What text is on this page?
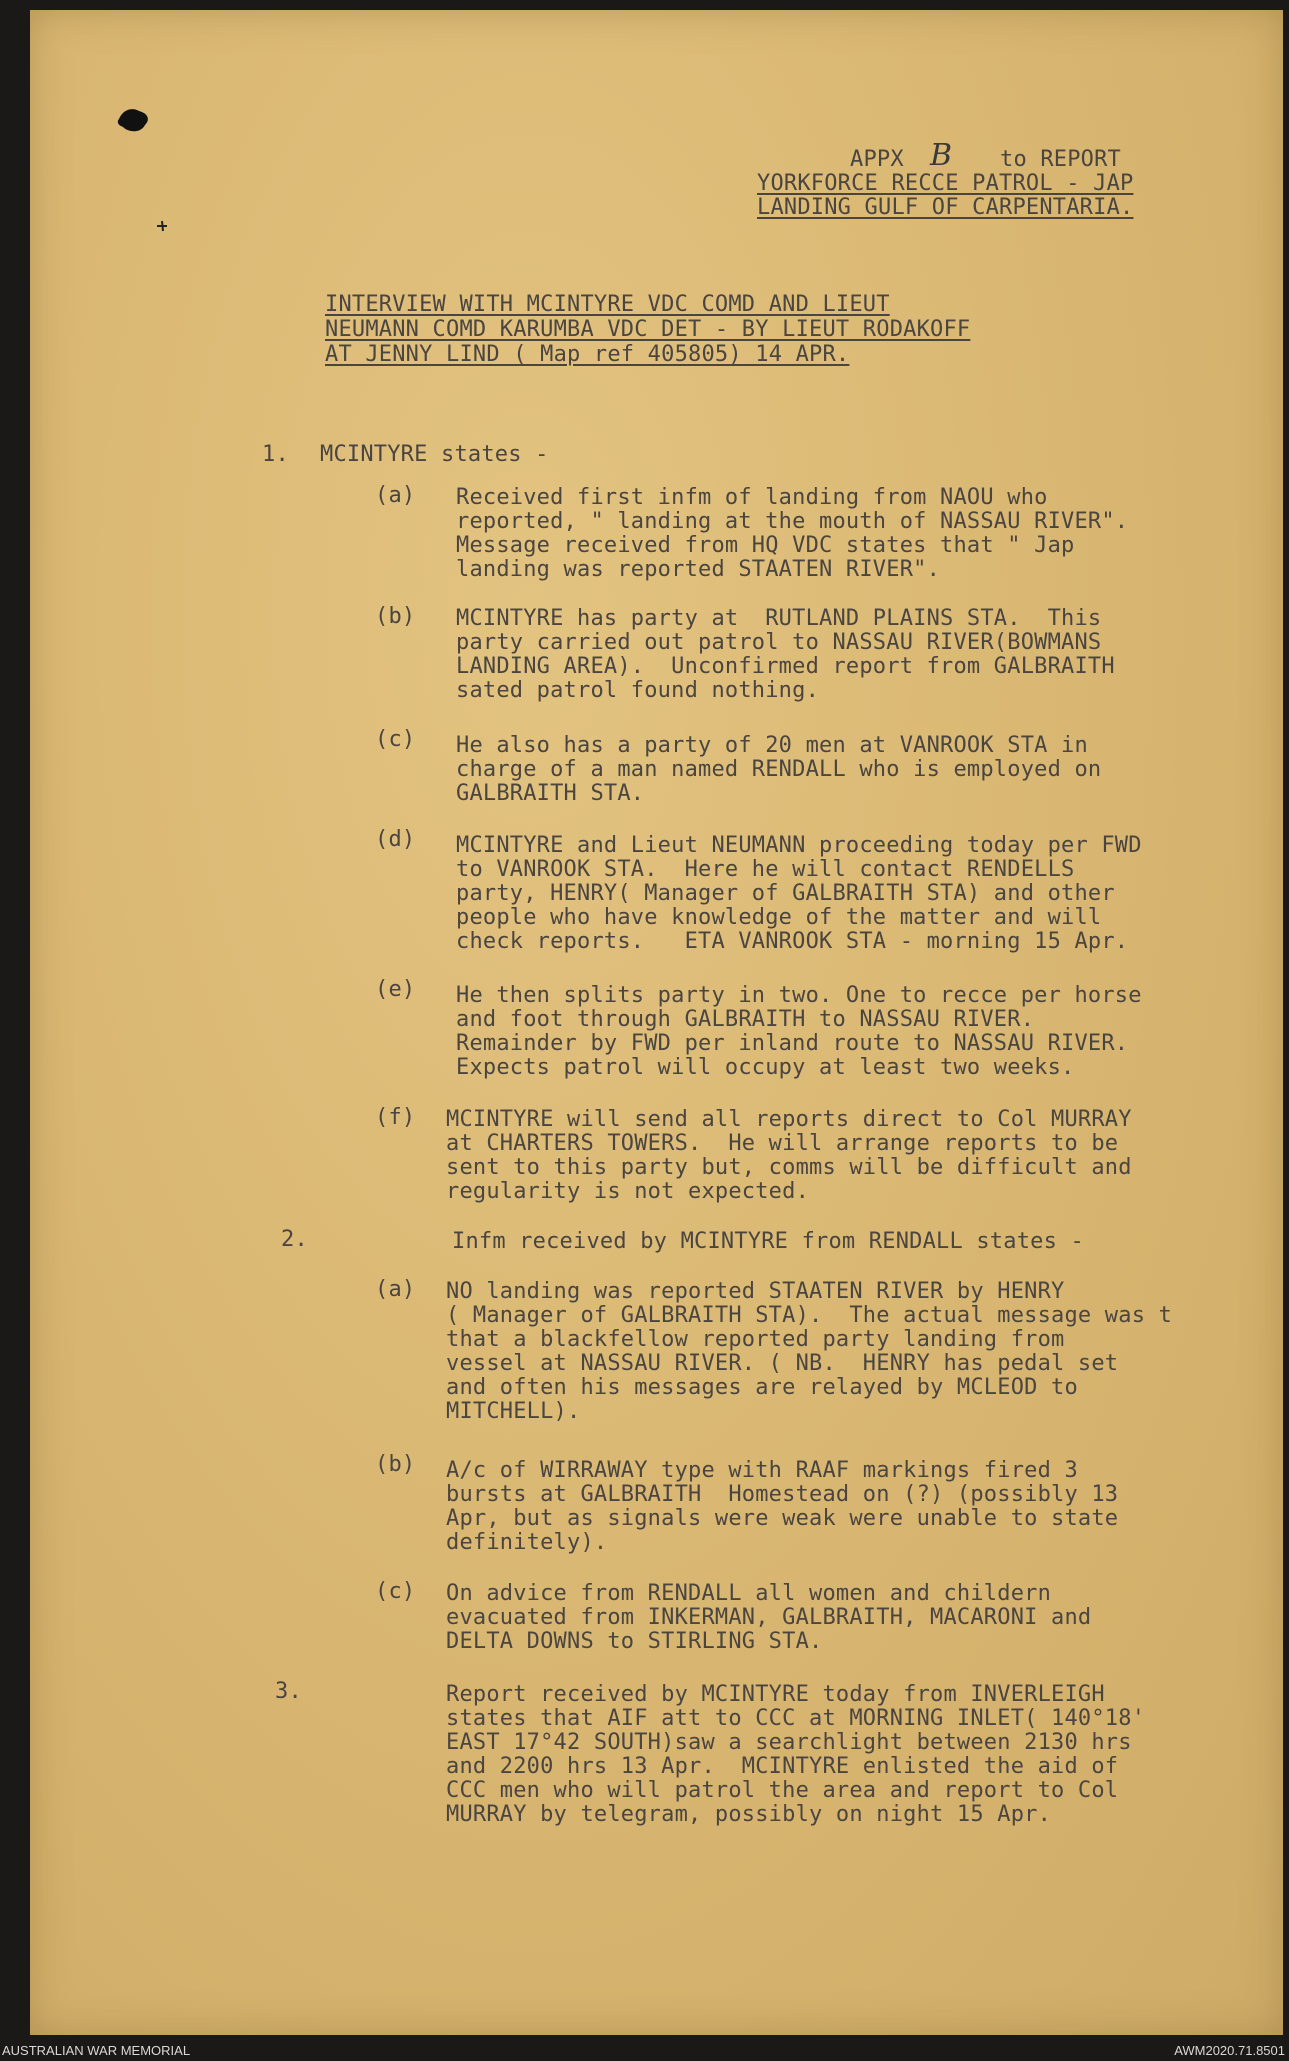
APPX B to REPORT
YORKFORCE RECCE PATROL - JAP
LANDING GULF OF CARPENTARIA.
INTERVIEW WITH MCINTYRE VDC COMD AND LIEUT
NEUMANN COMD KARUMBA VDC DET - BY LIEUT RODAKOFF
AT JENNY LIND ( Map ref 405805) 14 APR.
1. MCINTYRE states -
(a) Received first infm of landing from NAOU who
reported, " landing at the mouth of NASSAU RIVER".
Message received from HQ VDC states that " Jap
landing was reported STAATEN RIVER".
(b) MCINTYRE has party at  RUTLAND PLAINS STA.  This
party carried out patrol to NASSAU RIVER(BOWMANS
LANDING AREA).  Unconfirmed report from GALBRAITH
sated patrol found nothing.
(c) He also has a party of 20 men at VANROOK STA in
charge of a man named RENDALL who is employed on
GALBRAITH STA.
(d) MCINTYRE and Lieut NEUMANN proceeding today per FWD
to VANROOK STA.  Here he will contact RENDELLS
party, HENRY( Manager of GALBRAITH STA) and other
people who have knowledge of the matter and will
check reports.   ETA VANROOK STA - morning 15 Apr.
(e) He then splits party in two. One to recce per horse
and foot through GALBRAITH to NASSAU RIVER.
Remainder by FWD per inland route to NASSAU RIVER.
Expects patrol will occupy at least two weeks.
(f) MCINTYRE will send all reports direct to Col MURRAY
at CHARTERS TOWERS.  He will arrange reports to be
sent to this party but, comms will be difficult and
regularity is not expected.
2.	Infm received by MCINTYRE from RENDALL states -
(a) NO landing was reported STAATEN RIVER by HENRY
( Manager of GALBRAITH STA).  The actual message was t
that a blackfellow reported party landing from
vessel at NASSAU RIVER. ( NB.  HENRY has pedal set
and often his messages are relayed by MCLEOD to
MITCHELL).
(b) A/c of WIRRAWAY type with RAAF markings fired 3
bursts at GALBRAITH  Homestead on (?) (possibly 13
Apr, but as signals were weak were unable to state
definitely).
(c) On advice from RENDALL all women and childern
evacuated from INKERMAN, GALBRAITH, MACARONI and
DELTA DOWNS to STIRLING STA.
3.	Report received by MCINTYRE today from INVERLEIGH
states that AIF att to CCC at MORNING INLET( 140°18'
EAST 17°42 SOUTH)saw a searchlight between 2130 hrs
and 2200 hrs 13 Apr.  MCINTYRE enlisted the aid of
CCC men who will patrol the area and report to Col
MURRAY by telegram, possibly on night 15 Apr.
AUSTRALIAN WAR MEMORIAL	AWM2020.71.8501
